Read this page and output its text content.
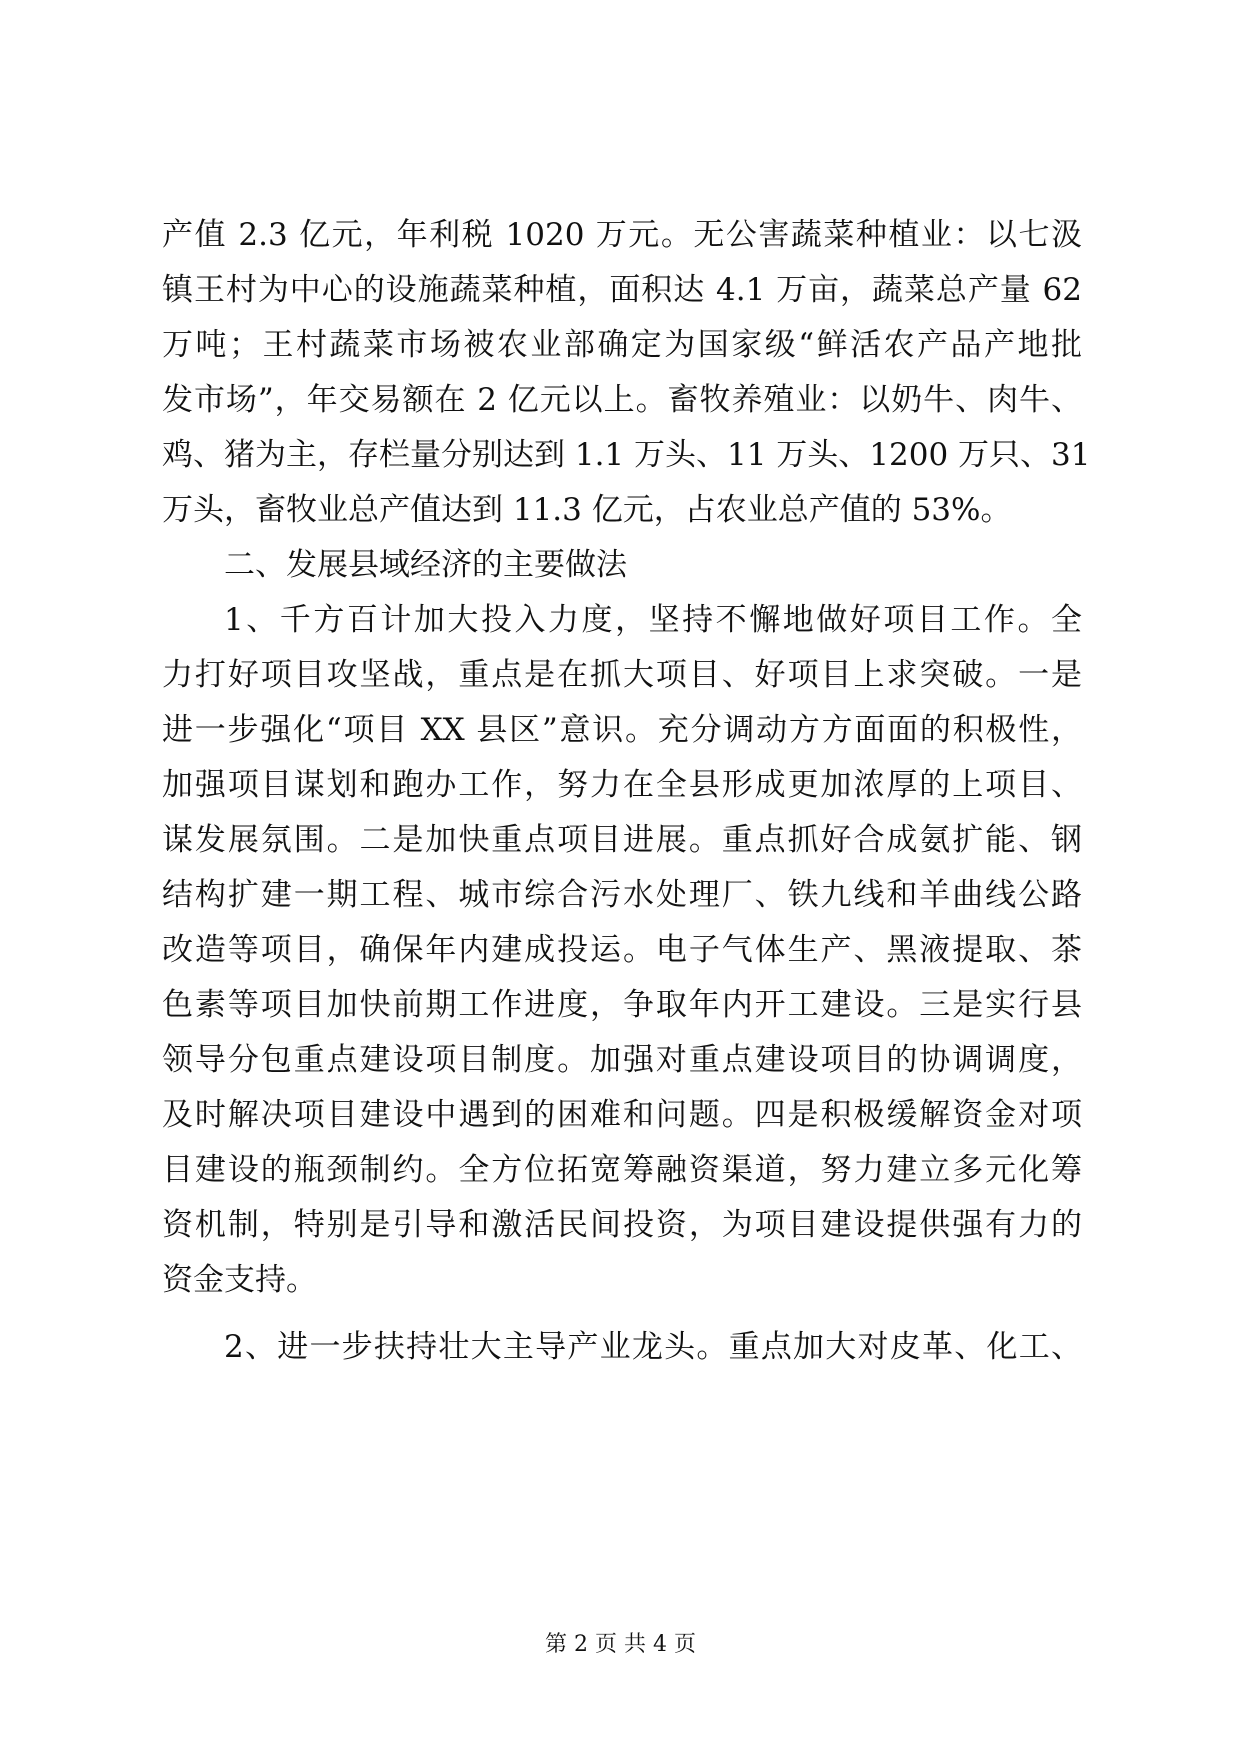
产值 2.3 亿元，年利税 1020 万元。无公害蔬菜种植业：以七汲
镇王村为中心的设施蔬菜种植，面积达 4.1 万亩，蔬菜总产量 62
万吨；王村蔬菜市场被农业部确定为国家级“鲜活农产品产地批
发市场”，年交易额在 2 亿元以上。畜牧养殖业：以奶牛、肉牛、
鸡、猪为主，存栏量分别达到 1.1 万头、11 万头、1200 万只、31
万头，畜牧业总产值达到 11.3 亿元，占农业总产值的 53%。
二、发展县域经济的主要做法
1、千方百计加大投入力度，坚持不懈地做好项目工作。全
力打好项目攻坚战，重点是在抓大项目、好项目上求突破。一是
进一步强化“项目 XX 县区”意识。充分调动方方面面的积极性，
加强项目谋划和跑办工作，努力在全县形成更加浓厚的上项目、
谋发展氛围。二是加快重点项目进展。重点抓好合成氨扩能、钢
结构扩建一期工程、城市综合污水处理厂、铁九线和羊曲线公路
改造等项目，确保年内建成投运。电子气体生产、黑液提取、茶
色素等项目加快前期工作进度，争取年内开工建设。三是实行县
领导分包重点建设项目制度。加强对重点建设项目的协调调度，
及时解决项目建设中遇到的困难和问题。四是积极缓解资金对项
目建设的瓶颈制约。全方位拓宽筹融资渠道，努力建立多元化筹
资机制，特别是引导和激活民间投资，为项目建设提供强有力的
资金支持。
2、进一步扶持壮大主导产业龙头。重点加大对皮革、化工、
第 2 页 共 4 页
